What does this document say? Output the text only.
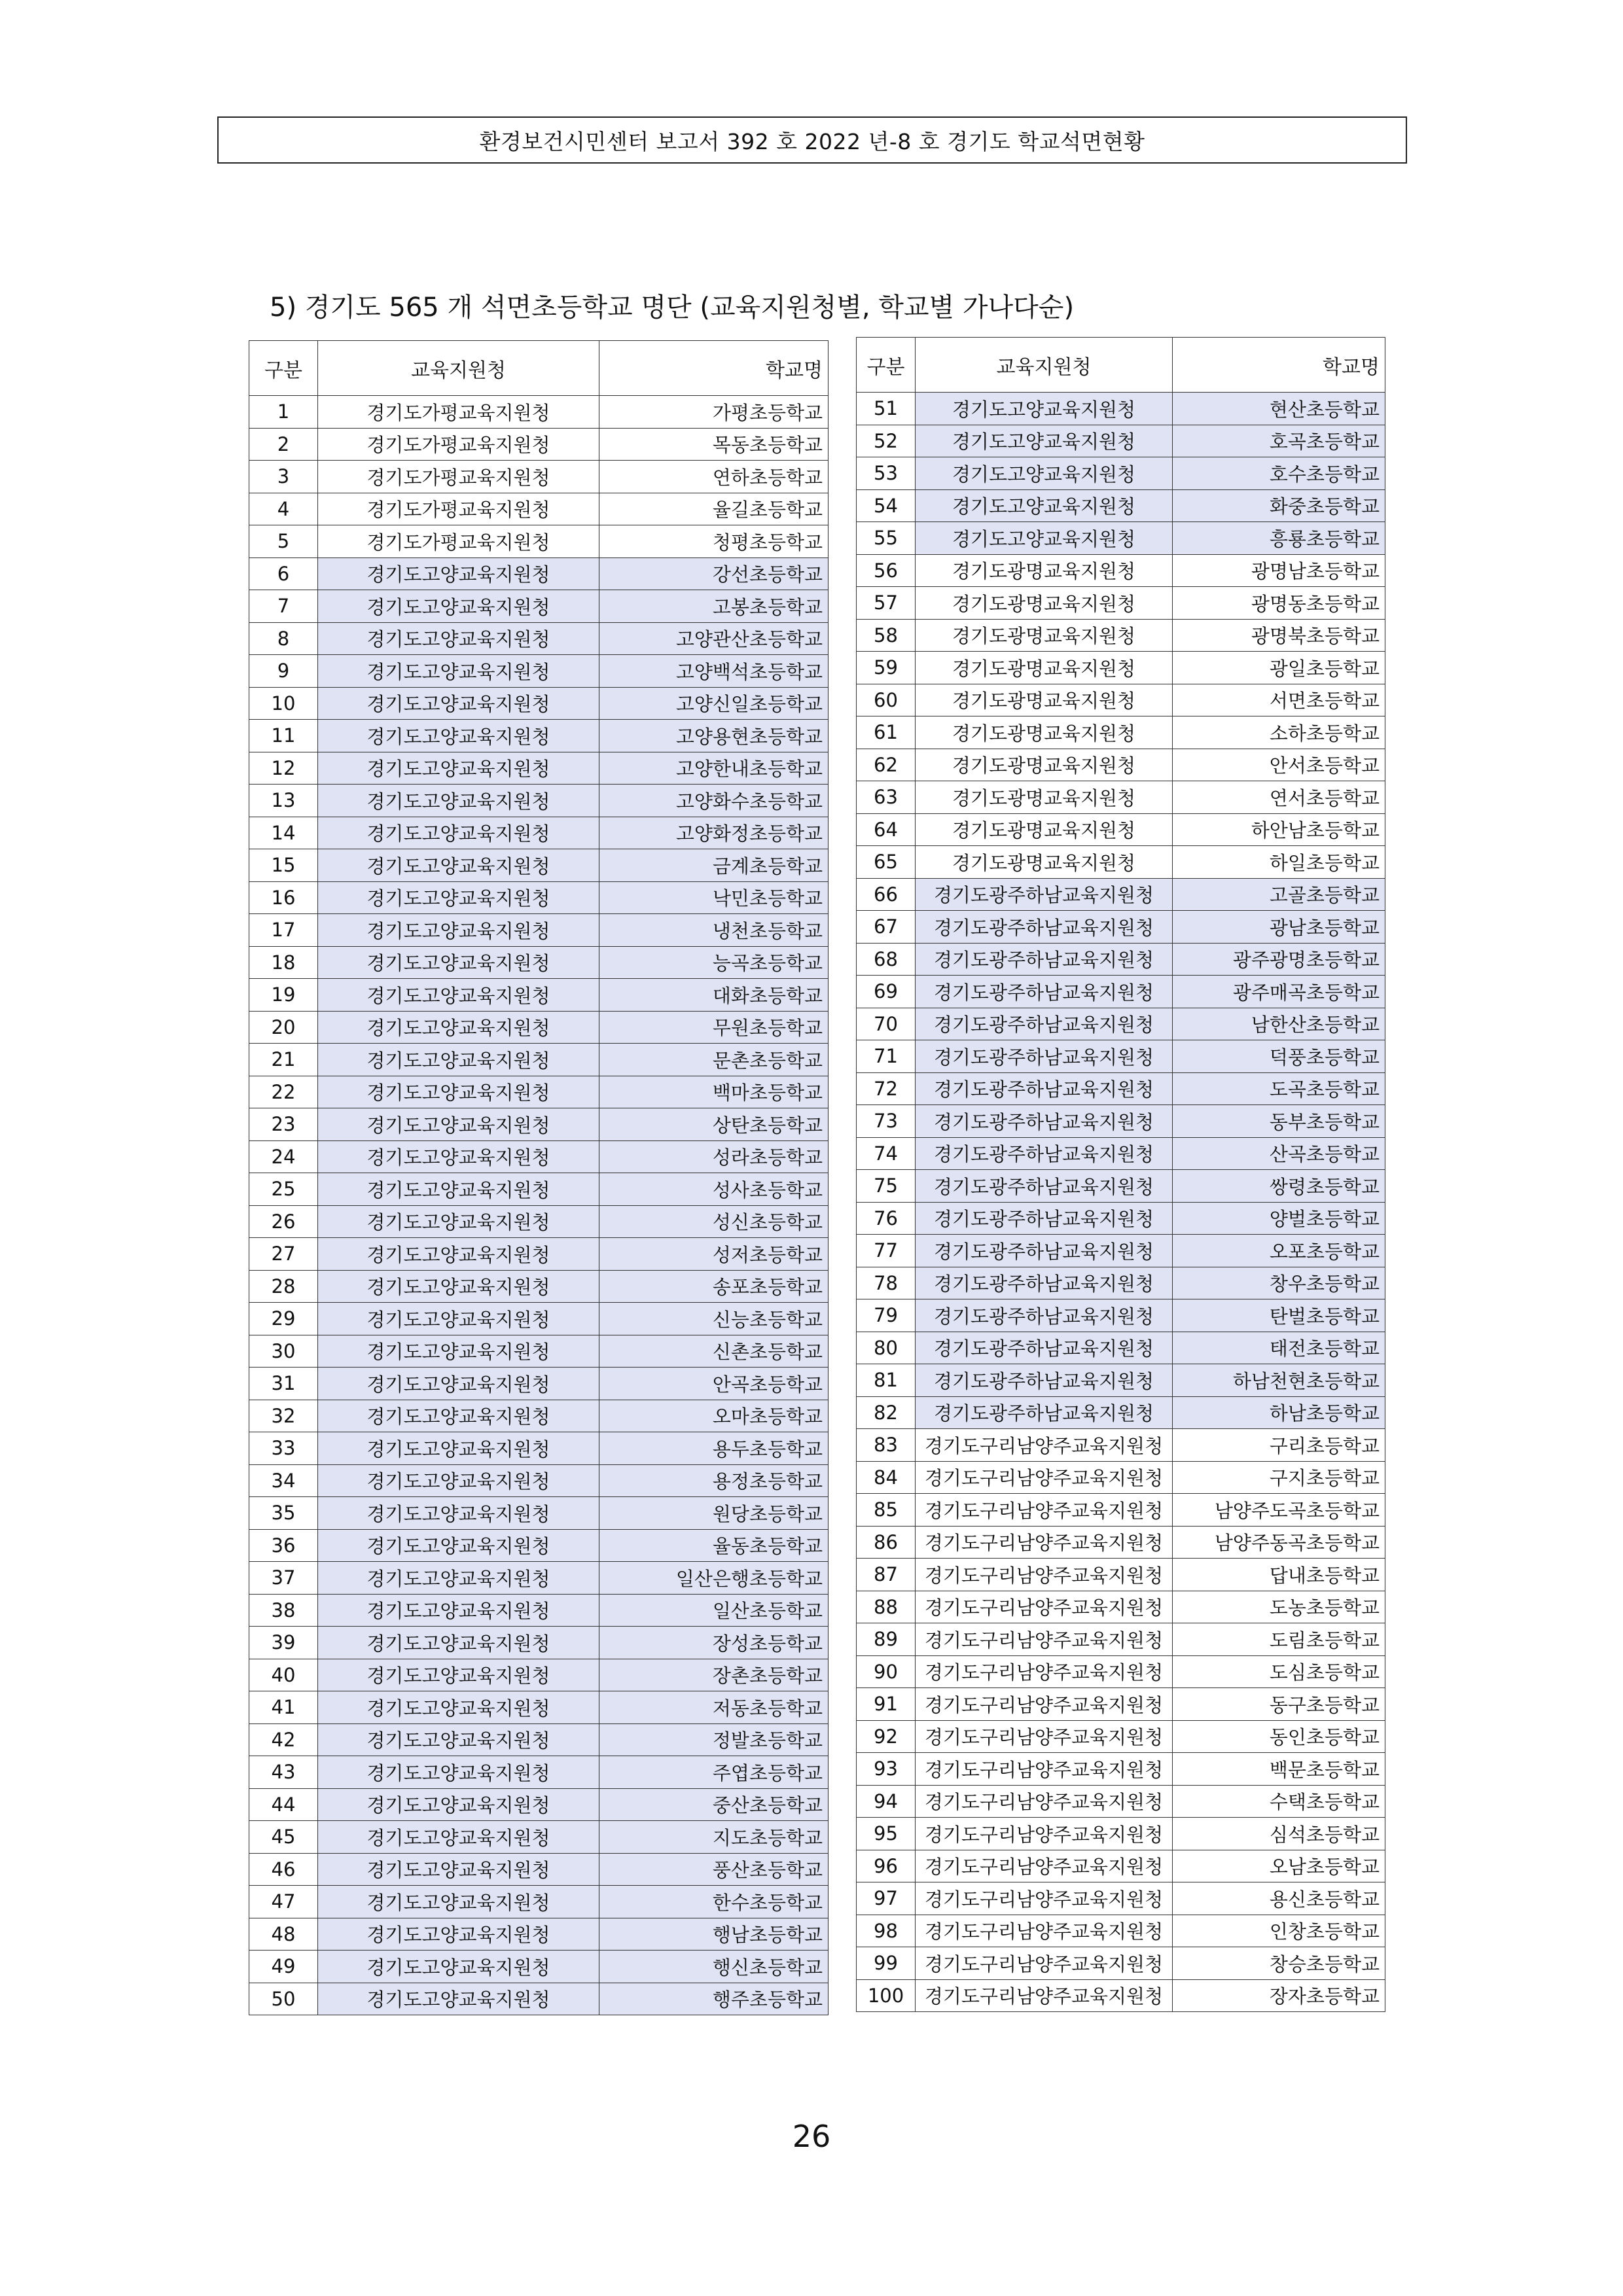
환경보건시민센터 보고서 392 호 2022 년-8 호 경기도 학교석면현황
5) 경기도 565 개 석면초등학교 명단 (교육지원청별, 학교별 가나다순)
구분	교육지원청	학교명
1	경기도가평교육지원청	가평초등학교
2	경기도가평교육지원청	목동초등학교
3	경기도가평교육지원청	연하초등학교
4	경기도가평교육지원청	율길초등학교
5	경기도가평교육지원청	청평초등학교
6	경기도고양교육지원청	강선초등학교
7	경기도고양교육지원청	고봉초등학교
8	경기도고양교육지원청	고양관산초등학교
9	경기도고양교육지원청	고양백석초등학교
10	경기도고양교육지원청	고양신일초등학교
11	경기도고양교육지원청	고양용현초등학교
12	경기도고양교육지원청	고양한내초등학교
13	경기도고양교육지원청	고양화수초등학교
14	경기도고양교육지원청	고양화정초등학교
15	경기도고양교육지원청	금계초등학교
16	경기도고양교육지원청	낙민초등학교
17	경기도고양교육지원청	냉천초등학교
18	경기도고양교육지원청	능곡초등학교
19	경기도고양교육지원청	대화초등학교
20	경기도고양교육지원청	무원초등학교
21	경기도고양교육지원청	문촌초등학교
22	경기도고양교육지원청	백마초등학교
23	경기도고양교육지원청	상탄초등학교
24	경기도고양교육지원청	성라초등학교
25	경기도고양교육지원청	성사초등학교
26	경기도고양교육지원청	성신초등학교
27	경기도고양교육지원청	성저초등학교
28	경기도고양교육지원청	송포초등학교
29	경기도고양교육지원청	신능초등학교
30	경기도고양교육지원청	신촌초등학교
31	경기도고양교육지원청	안곡초등학교
32	경기도고양교육지원청	오마초등학교
33	경기도고양교육지원청	용두초등학교
34	경기도고양교육지원청	용정초등학교
35	경기도고양교육지원청	원당초등학교
36	경기도고양교육지원청	율동초등학교
37	경기도고양교육지원청	일산은행초등학교
38	경기도고양교육지원청	일산초등학교
39	경기도고양교육지원청	장성초등학교
40	경기도고양교육지원청	장촌초등학교
41	경기도고양교육지원청	저동초등학교
42	경기도고양교육지원청	정발초등학교
43	경기도고양교육지원청	주엽초등학교
44	경기도고양교육지원청	중산초등학교
45	경기도고양교육지원청	지도초등학교
46	경기도고양교육지원청	풍산초등학교
47	경기도고양교육지원청	한수초등학교
48	경기도고양교육지원청	행남초등학교
49	경기도고양교육지원청	행신초등학교
50	경기도고양교육지원청	행주초등학교
구분	교육지원청	학교명
51	경기도고양교육지원청	현산초등학교
52	경기도고양교육지원청	호곡초등학교
53	경기도고양교육지원청	호수초등학교
54	경기도고양교육지원청	화중초등학교
55	경기도고양교육지원청	흥룡초등학교
56	경기도광명교육지원청	광명남초등학교
57	경기도광명교육지원청	광명동초등학교
58	경기도광명교육지원청	광명북초등학교
59	경기도광명교육지원청	광일초등학교
60	경기도광명교육지원청	서면초등학교
61	경기도광명교육지원청	소하초등학교
62	경기도광명교육지원청	안서초등학교
63	경기도광명교육지원청	연서초등학교
64	경기도광명교육지원청	하안남초등학교
65	경기도광명교육지원청	하일초등학교
66	경기도광주하남교육지원청	고골초등학교
67	경기도광주하남교육지원청	광남초등학교
68	경기도광주하남교육지원청	광주광명초등학교
69	경기도광주하남교육지원청	광주매곡초등학교
70	경기도광주하남교육지원청	남한산초등학교
71	경기도광주하남교육지원청	덕풍초등학교
72	경기도광주하남교육지원청	도곡초등학교
73	경기도광주하남교육지원청	동부초등학교
74	경기도광주하남교육지원청	산곡초등학교
75	경기도광주하남교육지원청	쌍령초등학교
76	경기도광주하남교육지원청	양벌초등학교
77	경기도광주하남교육지원청	오포초등학교
78	경기도광주하남교육지원청	창우초등학교
79	경기도광주하남교육지원청	탄벌초등학교
80	경기도광주하남교육지원청	태전초등학교
81	경기도광주하남교육지원청	하남천현초등학교
82	경기도광주하남교육지원청	하남초등학교
83	경기도구리남양주교육지원청	구리초등학교
84	경기도구리남양주교육지원청	구지초등학교
85	경기도구리남양주교육지원청	남양주도곡초등학교
86	경기도구리남양주교육지원청	남양주동곡초등학교
87	경기도구리남양주교육지원청	답내초등학교
88	경기도구리남양주교육지원청	도농초등학교
89	경기도구리남양주교육지원청	도림초등학교
90	경기도구리남양주교육지원청	도심초등학교
91	경기도구리남양주교육지원청	동구초등학교
92	경기도구리남양주교육지원청	동인초등학교
93	경기도구리남양주교육지원청	백문초등학교
94	경기도구리남양주교육지원청	수택초등학교
95	경기도구리남양주교육지원청	심석초등학교
96	경기도구리남양주교육지원청	오남초등학교
97	경기도구리남양주교육지원청	용신초등학교
98	경기도구리남양주교육지원청	인창초등학교
99	경기도구리남양주교육지원청	창승초등학교
100	경기도구리남양주교육지원청	장자초등학교
26
